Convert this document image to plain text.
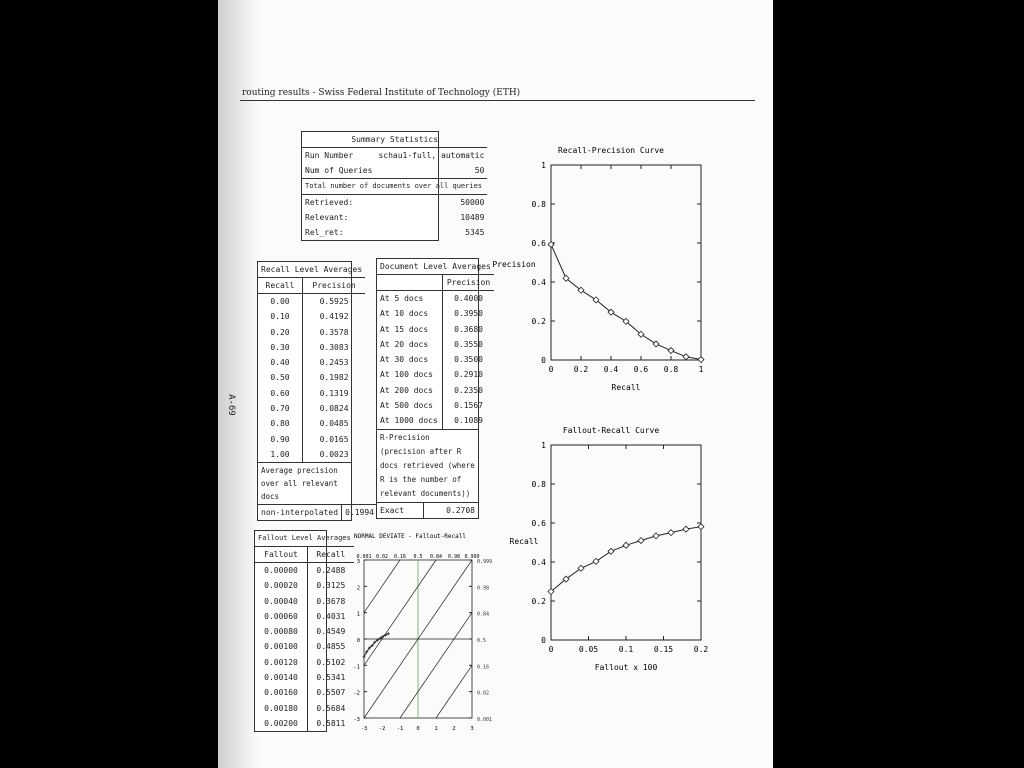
routing results - Swiss Federal Institute of Technology (ETH)
A-69
Summary Statistics	
Run Number	schau1-full, automatic
Num of Queries	50
Total number of documents over all queries	
Retrieved:	50000
Relevant:	10489
Rel_ret:	5345
Recall Level Averages	
Recall	Precision
0.00	0.5925
0.10	0.4192
0.20	0.3578
0.30	0.3083
0.40	0.2453
0.50	0.1982
0.60	0.1319
0.70	0.0824
0.80	0.0485
0.90	0.0165
1.00	0.0023
Average precision over all relevant docs
non-interpolated	0.1994
Document Level Averages	
	Precision
At 5 docs	0.4000
At 10 docs	0.3950
At 15 docs	0.3680
At 20 docs	0.3550
At 30 docs	0.3500
At 100 docs	0.2910
At 200 docs	0.2350
At 500 docs	0.1567
At 1000 docs	0.1089
R-Precision (precision after R docs retrieved (where R is the number of relevant documents))
Exact	0.2708
Fallout Level Averages	
Fallout	Recall
0.00000	0.2488
0.00020	0.3125
0.00040	0.3678
0.00060	0.4031
0.00080	0.4549
0.00100	0.4855
0.00120	0.5102
0.00140	0.5341
0.00160	0.5507
0.00180	0.5684
0.00200	0.5811
Recall-Precision Curve
Precision
Recall
0
0.2
0.4
0.6
0.8
1
0	0.2 0.4 0.6 0.8	1
Fallout-Recall Curve
Recall
Fallout x 100
0
0.2
0.4
0.6
0.8
1
0	0.05	0.1	0.15	0.2
NORMAL DEVIATE - Fallout-Recall
3
2
1
0
-1
-2
-3
0.999
0.98
0.84
0.5
0.16
0.02
0.001
-3 -2 -1 0	1	2	3
0.001 0.02 0.16 0.5 0.84 0.98 0.999
